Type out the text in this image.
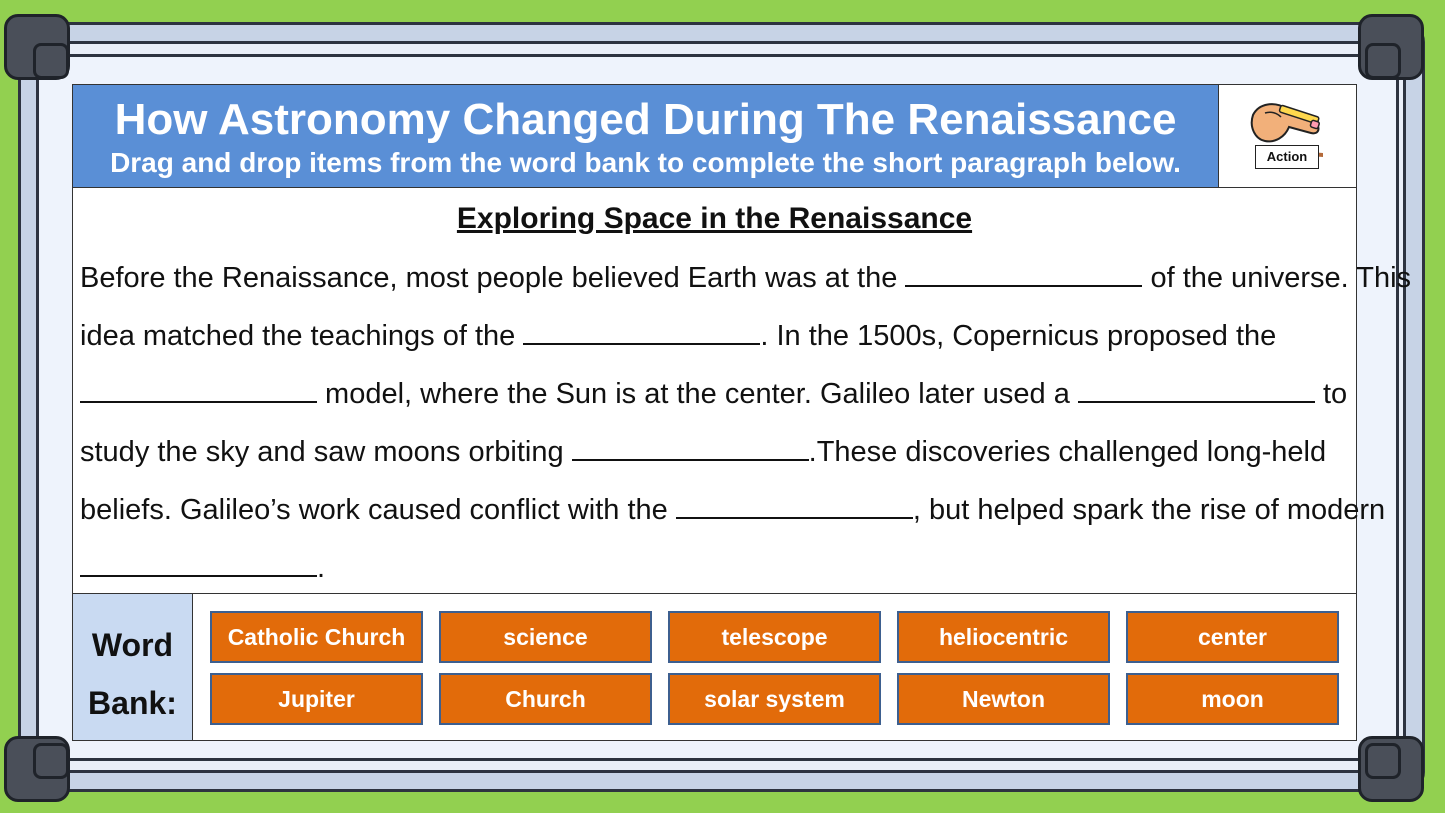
How Astronomy Changed During The Renaissance
Drag and drop items from the word bank to complete the short paragraph below.	Action
Exploring Space in the Renaissance
Before the Renaissance, most people believed Earth was at the	of the universe. This
idea matched the teachings of the	. In the 1500s, Copernicus proposed the
model, where the Sun is at the center. Galileo later used a	to
study the sky and saw moons orbiting	.These discoveries challenged long-held
beliefs. Galileo’s work caused conflict with the	, but helped spark the rise of modern
.
Word
Bank:
Catholic Church	science	telescope	heliocentric	center
Jupiter	Church	solar system	Newton	moon
